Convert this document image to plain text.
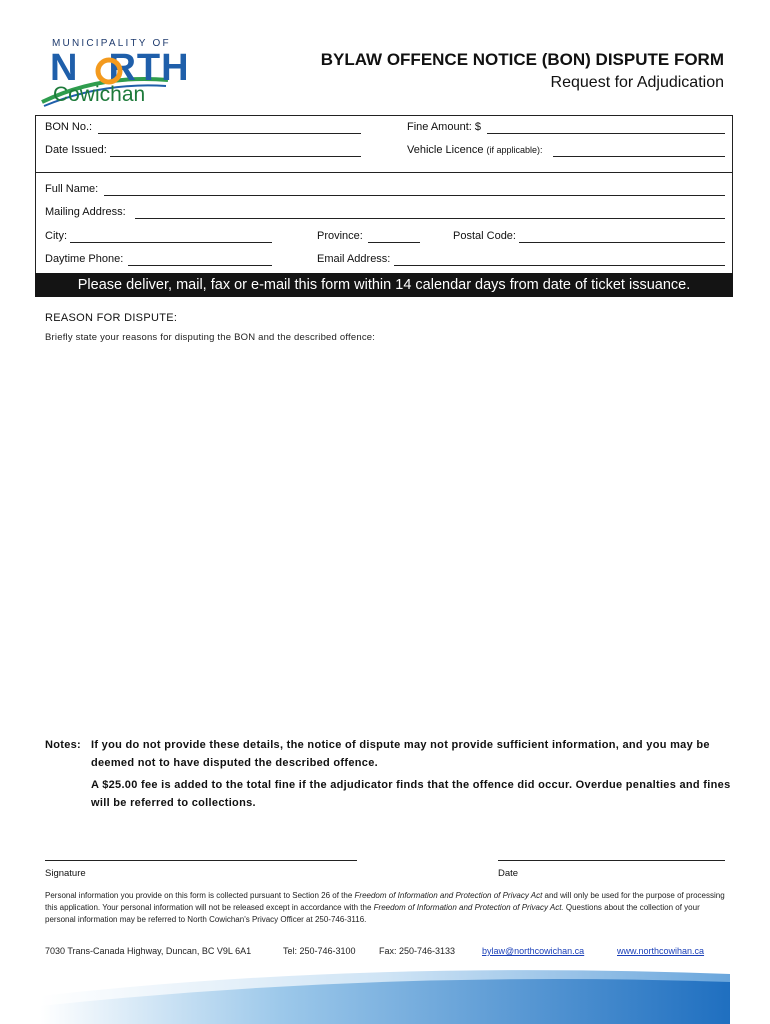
MUNICIPALITY OF
N RTH
Cowichan
BYLAW OFFENCE NOTICE (BON) DISPUTE FORM
Request for Adjudication
BON No.:	Fine Amount: $
Date Issued:	Vehicle Licence (if applicable):
Full Name:
Mailing Address:
City:	Province:	Postal Code:
Daytime Phone:	Email Address:
Please deliver, mail, fax or e-mail this form within 14 calendar days from date of ticket issuance.
REASON FOR DISPUTE:
Briefly state your reasons for disputing the BON and the described offence:
Notes: If you do not provide these details, the notice of dispute may not provide sufficient information, and you may be deemed not to have disputed the described offence.

A $25.00 fee is added to the total fine if the adjudicator finds that the offence did occur. Overdue penalties and fines will be referred to collections.

Signature	Date
Personal information you provide on this form is collected pursuant to Section 26 of the Freedom of Information and Protection of Privacy Act and will only be used for the purpose of processing this application. Your personal information will not be released except in accordance with the Freedom of Information and Protection of Privacy Act. Questions about the collection of your personal information may be referred to North Cowichan's Privacy Officer at 250-746-3116.
7030 Trans-Canada Highway, Duncan, BC V9L 6A1	Tel: 250-746-3100	Fax: 250-746-3133	bylaw@northcowichan.ca	www.northcowihan.ca
